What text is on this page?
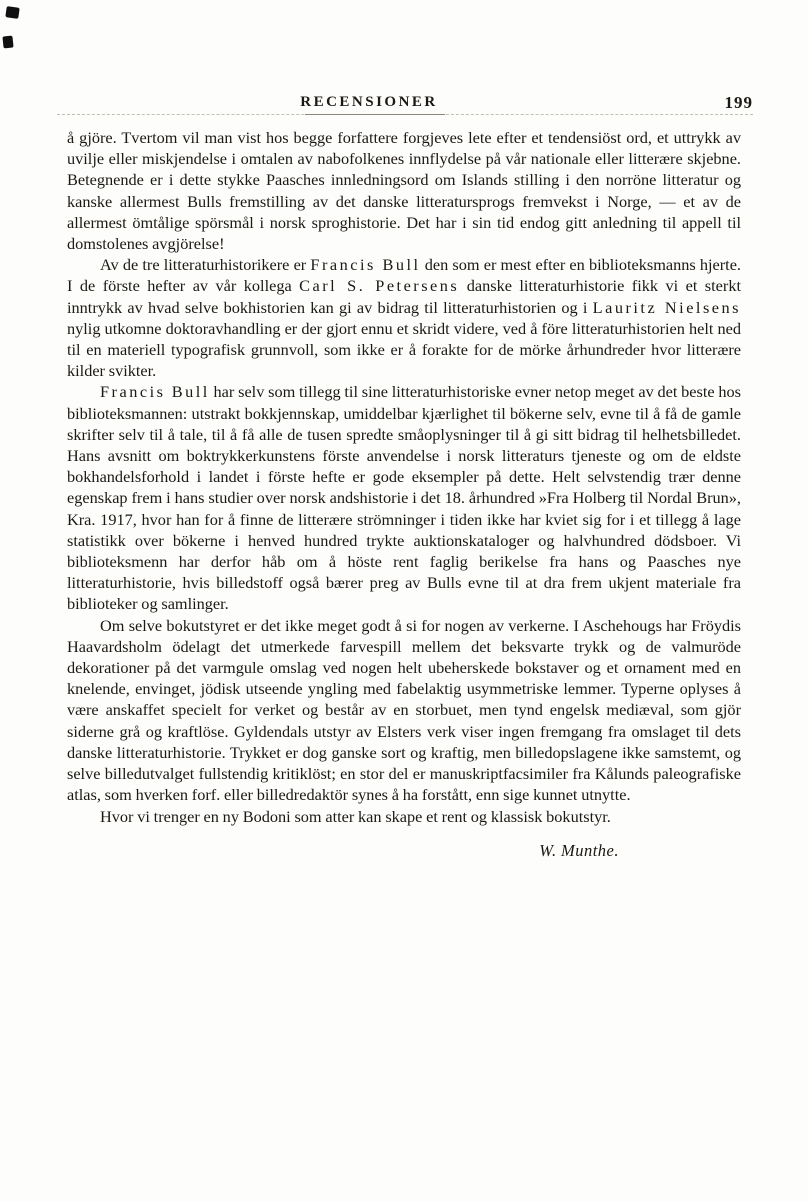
RECENSIONER	199

å gjöre. Tvertom vil man vist hos begge forfattere forgjeves lete efter et tendensiöst ord, et uttrykk av uvilje eller miskjendelse i omtalen av nabofolkenes innflydelse på vår nationale eller litterære skjebne. Betegnende er i dette stykke Paasches innledningsord om Islands stilling i den norröne litteratur og kanske allermest Bulls fremstilling av det danske litteratursprogs fremvekst i Norge, — et av de allermest ömtålige spörsmål i norsk sproghistorie. Det har i sin tid endog gitt anledning til appell til domstolenes avgjörelse!

Av de tre litteraturhistorikere er Francis Bull den som er mest efter en biblioteksmanns hjerte. I de förste hefter av vår kollega Carl S. Petersens danske litteraturhistorie fikk vi et sterkt inntrykk av hvad selve bokhistorien kan gi av bidrag til litteraturhistorien og i Lauritz Nielsens nylig utkomne doktoravhandling er der gjort ennu et skridt videre, ved å före litteraturhistorien helt ned til en materiell typografisk grunnvoll, som ikke er å forakte for de mörke århundreder hvor litterære kilder svikter.

Francis Bull har selv som tillegg til sine litteraturhistoriske evner netop meget av det beste hos biblioteksmannen: utstrakt bokkjennskap, umiddelbar kjærlighet til bökerne selv, evne til å få de gamle skrifter selv til å tale, til å få alle de tusen spredte småoplysninger til å gi sitt bidrag til helhetsbilledet. Hans avsnitt om boktrykkerkunstens förste anvendelse i norsk litteraturs tjeneste og om de eldste bokhandelsforhold i landet i förste hefte er gode eksempler på dette. Helt selvstendig trær denne egenskap frem i hans studier over norsk andshistorie i det 18. århundred »Fra Holberg til Nordal Brun», Kra. 1917, hvor han for å finne de litterære strömninger i tiden ikke har kviet sig for i et tillegg å lage statistikk over bökerne i henved hundred trykte auktionskataloger og halvhundred dödsboer. Vi biblioteksmenn har derfor håb om å höste rent faglig berikelse fra hans og Paasches nye litteraturhistorie, hvis billedstoff også bærer preg av Bulls evne til at dra frem ukjent materiale fra biblioteker og samlinger.

Om selve bokutstyret er det ikke meget godt å si for nogen av verkerne. I Aschehougs har Fröydis Haavardsholm ödelagt det utmerkede farvespill mellem det beksvarte trykk og de valmuröde dekorationer på det varmgule omslag ved nogen helt ubeherskede bokstaver og et ornament med en knelende, envinget, jödisk utseende yngling med fabelaktig usymmetriske lemmer. Typerne oplyses å være anskaffet specielt for verket og består av en storbuet, men tynd engelsk mediæval, som gjör siderne grå og kraftlöse. Gyldendals utstyr av Elsters verk viser ingen fremgang fra omslaget til dets danske litteraturhistorie. Trykket er dog ganske sort og kraftig, men billedopslagene ikke samstemt, og selve billedutvalget fullstendig kritiklöst; en stor del er manuskriptfacsimiler fra Kålunds paleografiske atlas, som hverken forf. eller billedredaktör synes å ha forstått, enn sige kunnet utnytte.

Hvor vi trenger en ny Bodoni som atter kan skape et rent og klassisk bokutstyr.

W. Munthe.
